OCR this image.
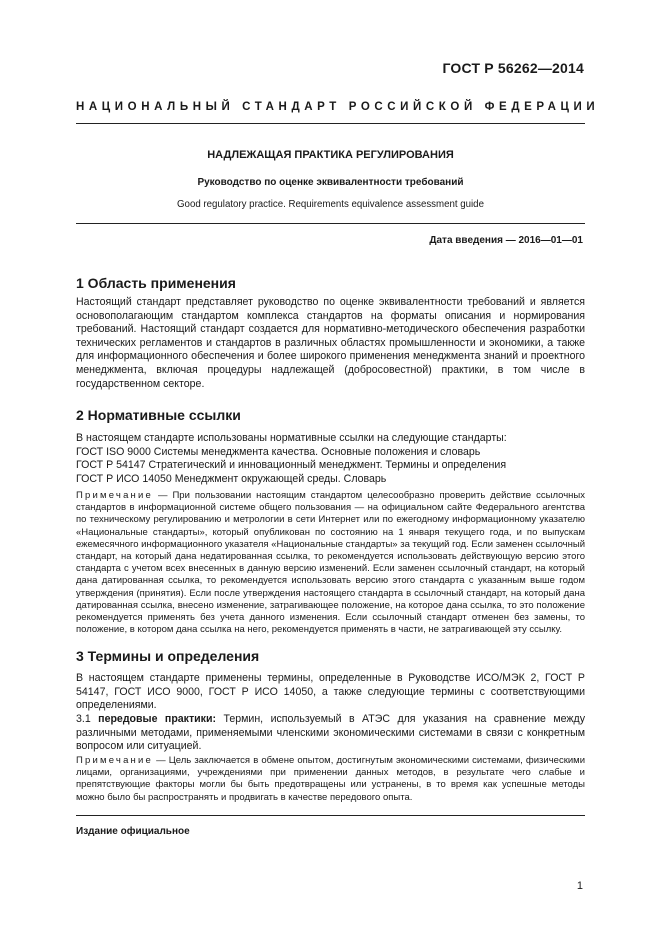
ГОСТ Р 56262—2014
НАЦИОНАЛЬНЫЙ СТАНДАРТ РОССИЙСКОЙ ФЕДЕРАЦИИ
НАДЛЕЖАЩАЯ ПРАКТИКА РЕГУЛИРОВАНИЯ
Руководство по оценке эквивалентности требований
Good regulatory practice. Requirements equivalence assessment guide
Дата введения — 2016—01—01
1 Область применения

Настоящий стандарт представляет руководство по оценке эквивалентности требований и является основополагающим стандартом комплекса стандартов на форматы описания и нормирования требований. Настоящий стандарт создается для нормативно-методического обеспечения разработки технических регламентов и стандартов в различных областях промышленности и экономики, а также для информационного обеспечения и более широкого применения менеджмента знаний и проектного менеджмента, включая процедуры надлежащей (добросовестной) практики, в том числе в государственном секторе.

2 Нормативные ссылки
В настоящем стандарте использованы нормативные ссылки на следующие стандарты:
ГОСТ ISO 9000 Системы менеджмента качества. Основные положения и словарь
ГОСТ Р 54147 Стратегический и инновационный менеджмент. Термины и определения
ГОСТ Р ИСО 14050 Менеджмент окружающей среды. Словарь
Примечание — При пользовании настоящим стандартом целесообразно проверить действие ссылочных стандартов в информационной системе общего пользования — на официальном сайте Федерального агентства по техническому регулированию и метрологии в сети Интернет или по ежегодному информационному указателю «Национальные стандарты», который опубликован по состоянию на 1 января текущего года, и по выпускам ежемесячного информационного указателя «Национальные стандарты» за текущий год. Если заменен ссылочный стандарт, на который дана недатированная ссылка, то рекомендуется использовать действующую версию этого стандарта с учетом всех внесенных в данную версию изменений. Если заменен ссылочный стандарт, на который дана датированная ссылка, то рекомендуется использовать версию этого стандарта с указанным выше годом утверждения (принятия). Если после утверждения настоящего стандарта в ссылочный стандарт, на который дана датированная ссылка, внесено изменение, затрагивающее положение, на которое дана ссылка, то это положение рекомендуется применять без учета данного изменения. Если ссылочный стандарт отменен без замены, то положение, в котором дана ссылка на него, рекомендуется применять в части, не затрагивающей эту ссылку.
3 Термины и определения
В настоящем стандарте применены термины, определенные в Руководстве ИСО/МЭК 2, ГОСТ Р 54147, ГОСТ ИСО 9000, ГОСТ Р ИСО 14050, а также следующие термины с соответствующими определениями.
3.1 передовые практики: Термин, используемый в АТЭС для указания на сравнение между различными методами, применяемыми членскими экономическими системами в связи с конкретным вопросом или ситуацией.
Примечание — Цель заключается в обмене опытом, достигнутым экономическими системами, физическими лицами, организациями, учреждениями при применении данных методов, в результате чего слабые и препятствующие факторы могли бы быть предотвращены или устранены, в то время как успешные методы можно было бы распространять и продвигать в качестве передового опыта.
Издание официальное
1
